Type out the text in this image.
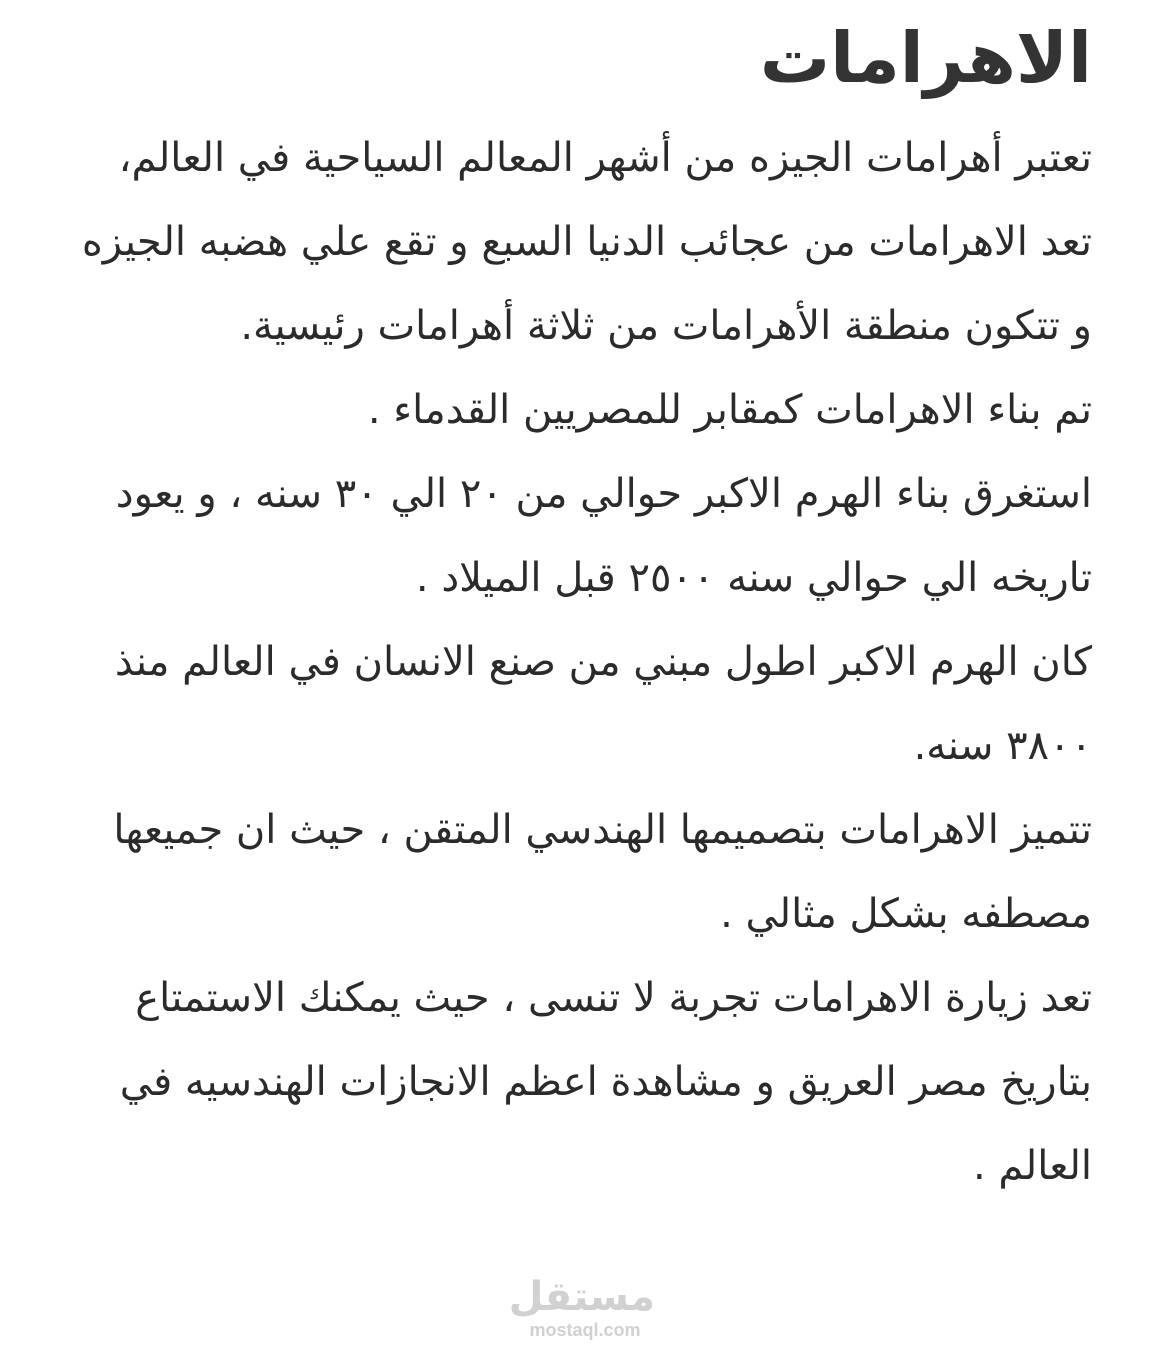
الاهرامات
تعتبر أهرامات الجيزه من أشهر المعالم السياحية في العالم، تعد الاهرامات من عجائب الدنيا السبع و تقع علي هضبه الجيزه و تتكون منطقة الأهرامات من ثلاثة أهرامات رئيسية.
تم بناء الاهرامات كمقابر للمصريين القدماء .
استغرق بناء الهرم الاكبر حوالي من ٢٠ الي ٣٠ سنه ، و يعود تاريخه الي حوالي سنه ٢٥٠٠ قبل الميلاد .
كان الهرم الاكبر اطول مبني من صنع الانسان في العالم منذ ٣٨٠٠ سنه.
تتميز الاهرامات بتصميمها الهندسي المتقن ، حيث ان جميعها مصطفه بشكل مثالي .
تعد زيارة الاهرامات تجربة لا تنسى ، حيث يمكنك الاستمتاع بتاريخ مصر العريق و مشاهدة اعظم الانجازات الهندسيه في العالم .
مستقل
mostaql.com
